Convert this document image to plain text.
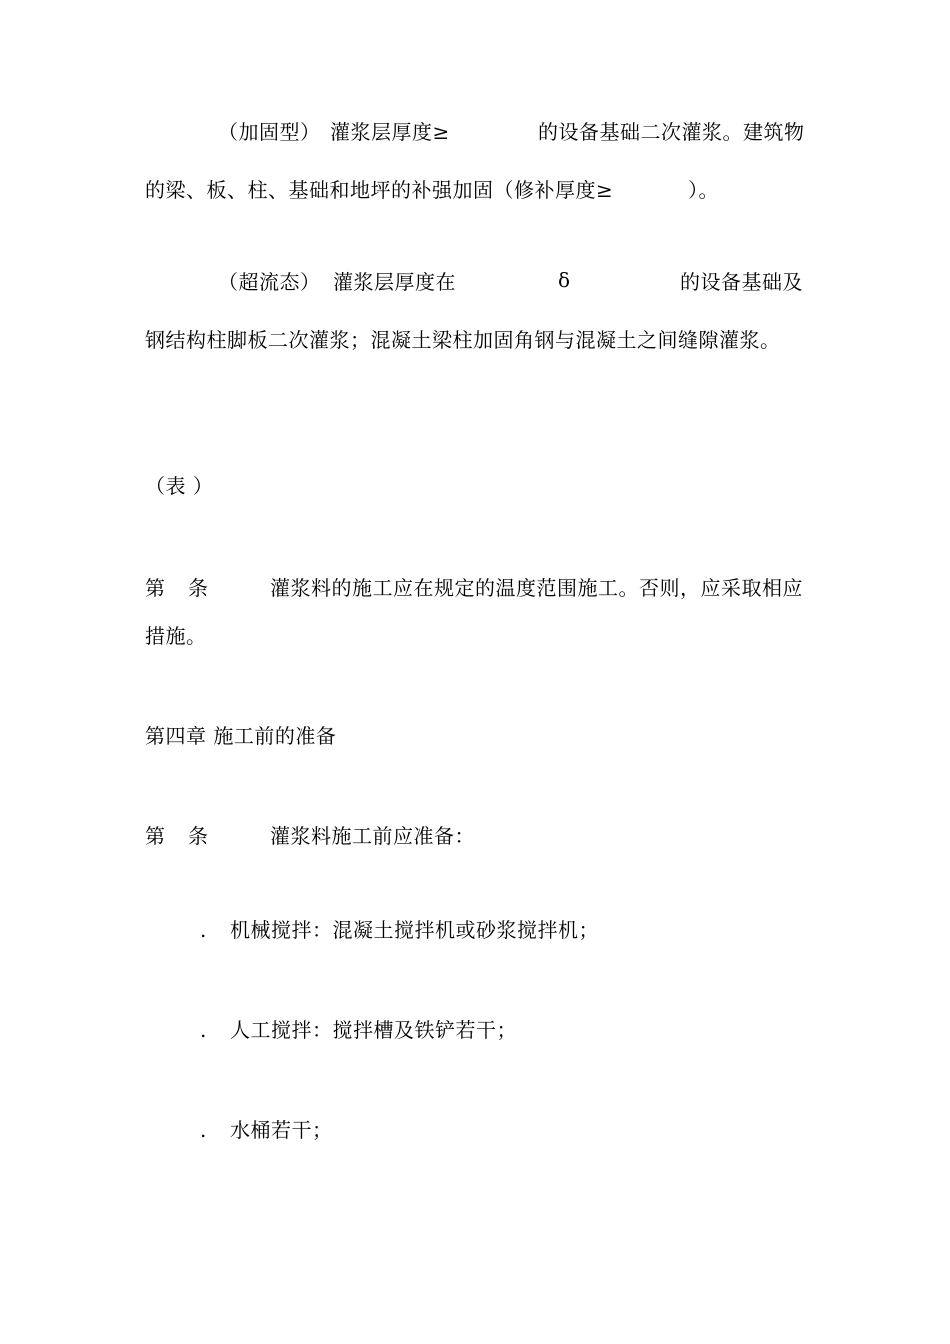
（加固型） 灌浆层厚度≥	的设备基础二次灌浆。建筑物
的梁、板、柱、基础和地坪的补强加固（修补厚度≥	）。
（超流态） 灌浆层厚度在	δ	的设备基础及
钢结构柱脚板二次灌浆；混凝土梁柱加固角钢与混凝土之间缝隙灌浆。
（表 ）
第 条	灌浆料的施工应在规定的温度范围施工。否则，应采取相应
措施。
第四章 施工前的准备
第 条	灌浆料施工前应准备：
. 机械搅拌：混凝土搅拌机或砂浆搅拌机；
. 人工搅拌：搅拌槽及铁铲若干；
. 水桶若干；
